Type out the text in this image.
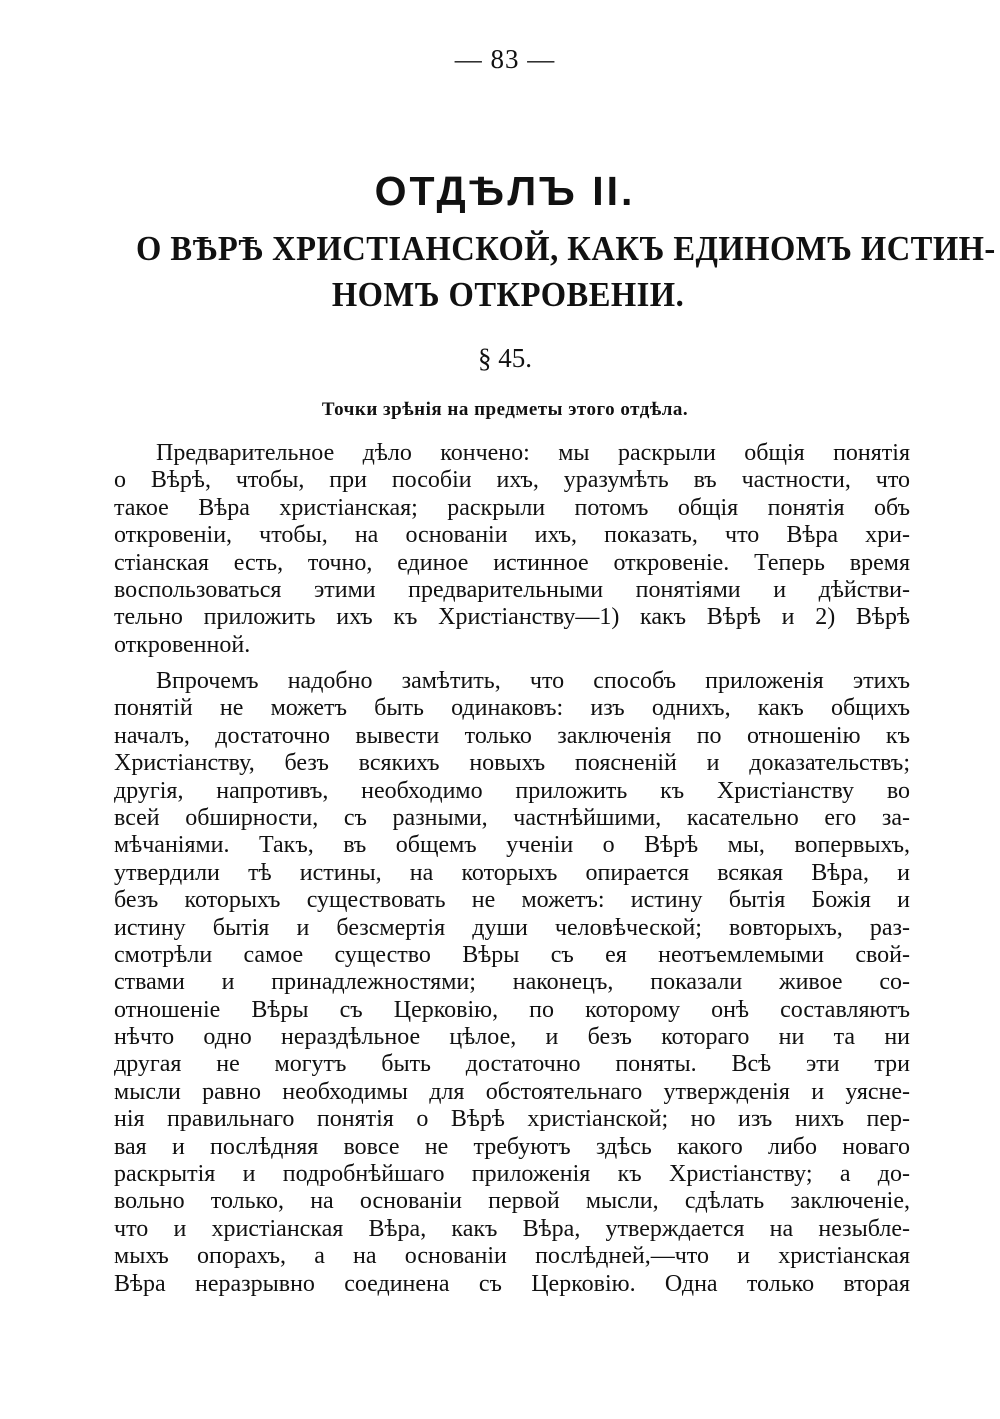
— 83 —
ОТДѢЛЪ II.
О ВѢРѢ ХРИСТІАНСКОЙ, КАКЪ ЕДИНОМЪ ИСТИН-
НОМЪ ОТКРОВЕНІИ.
§ 45.
Точки зрѣнія на предметы этого отдѣла.
Предварительное дѣло кончено: мы раскрыли общія понятія
о Вѣрѣ, чтобы, при пособіи ихъ, уразумѣть въ частности, что
такое Вѣра христіанская; раскрыли потомъ общія понятія объ
откровеніи, чтобы, на основаніи ихъ, показать, что Вѣра хри-
стіанская есть, точно, единое истинное откровеніе. Теперь время
воспользоваться этими предварительными понятіями и дѣйстви-
тельно приложить ихъ къ Христіанству—1) какъ Вѣрѣ и 2) Вѣрѣ
откровенной.
Впрочемъ надобно замѣтить, что способъ приложенія этихъ
понятій не можетъ быть одинаковъ: изъ однихъ, какъ общихъ
началъ, достаточно вывести только заключенія по отношенію къ
Христіанству, безъ всякихъ новыхъ поясненій и доказательствъ;
другія, напротивъ, необходимо приложить къ Христіанству во
всей обширности, съ разными, частнѣйшими, касательно его за-
мѣчаніями. Такъ, въ общемъ ученіи о Вѣрѣ мы, вопервыхъ,
утвердили тѣ истины, на которыхъ опирается всякая Вѣра, и
безъ которыхъ существовать не можетъ: истину бытія Божія и
истину бытія и безсмертія души человѣческой; вовторыхъ, раз-
смотрѣли самое существо Вѣры съ ея неотъемлемыми свой-
ствами и принадлежностями; наконецъ, показали живое со-
отношеніе Вѣры съ Церковію, по которому онѣ составляютъ
нѣчто одно нераздѣльное цѣлое, и безъ котораго ни та ни
другая не могутъ быть достаточно поняты. Всѣ эти три
мысли равно необходимы для обстоятельнаго утвержденія и уясне-
нія правильнаго понятія о Вѣрѣ христіанской; но изъ нихъ пер-
вая и послѣдняя вовсе не требуютъ здѣсь какого либо новаго
раскрытія и подробнѣйшаго приложенія къ Христіанству; а до-
вольно только, на основаніи первой мысли, сдѣлать заключеніе,
что и христіанская Вѣра, какъ Вѣра, утверждается на незыбле-
мыхъ опорахъ, а на основаніи послѣдней,—что и христіанская
Вѣра неразрывно соединена съ Церковію. Одна только вторая
